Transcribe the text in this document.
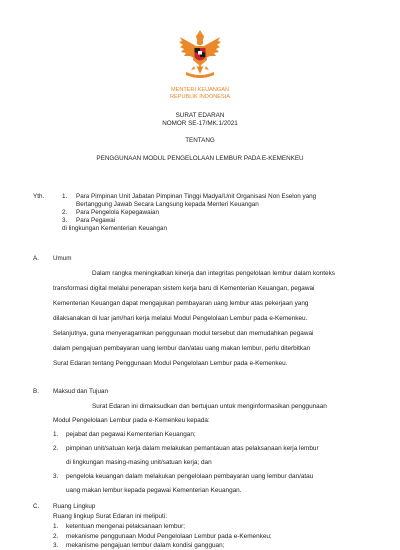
MENTERI KEUANGAN
REPUBLIK INDONESIA
SURAT EDARAN
NOMOR SE-17/MK.1/2021
TENTANG
PENGGUNAAN MODUL PENGELOLAAN LEMBUR PADA E-KEMENKEU
Yth.	1. Para Pimpinan Unit Jabatan Pimpinan Tinggi Madya/Unit Organisasi Non Eselon yang
Bertanggung Jawab Secara Langsung kepada Menteri Keuangan
2. Para Pengelola Kepegawaian
3. Para Pegawai
di lingkungan Kementerian Keuangan
A. Umum
Dalam rangka meningkatkan kinerja dan integritas pengelolaan lembur dalam konteks
transformasi digital melalui penerapan sistem kerja baru di Kementerian Keuangan, pegawai
Kementerian Keuangan dapat mengajukan pembayaran uang lembur atas pekerjaan yang
dilaksanakan di luar jam/hari kerja melalui Modul Pengelolaan Lembur pada e-Kemenkeu.
Selanjutnya, guna menyeragamkan penggunaan modul tersebut dan memudahkan pegawai
dalam pengajuan pembayaran uang lembur dan/atau uang makan lembur, perlu diterbitkan
Surat Edaran tentang Penggunaan Modul Pengelolaan Lembur pada e-Kemenkeu.
B. Maksud dan Tujuan
Surat Edaran ini dimaksudkan dan bertujuan untuk menginformasikan penggunaan
Modul Pengelolaan Lembur pada e-Kemenkeu kepada:
1. pejabat dan pegawai Kementerian Keuangan;
2. pimpinan unit/satuan kerja dalam melakukan pemantauan atas pelaksanaan kerja lembur
di lingkungan masing-masing unit/satuan kerja; dan
3. pengelola keuangan dalam melakukan pengelolaan pembayaran uang lembur dan/atau
uang makan lembur kepada pegawai Kementerian Keuangan.
C. Ruang Lingkup
Ruang lingkup Surat Edaran ini meliputi:
1. ketentuan mengenai pelaksanaan lembur;
2. mekanisme penggunaan Modul Pengelolaan Lembur pada e-Kemenkeu;
3. mekanisme pengajuan lembur dalam kondisi gangguan;
